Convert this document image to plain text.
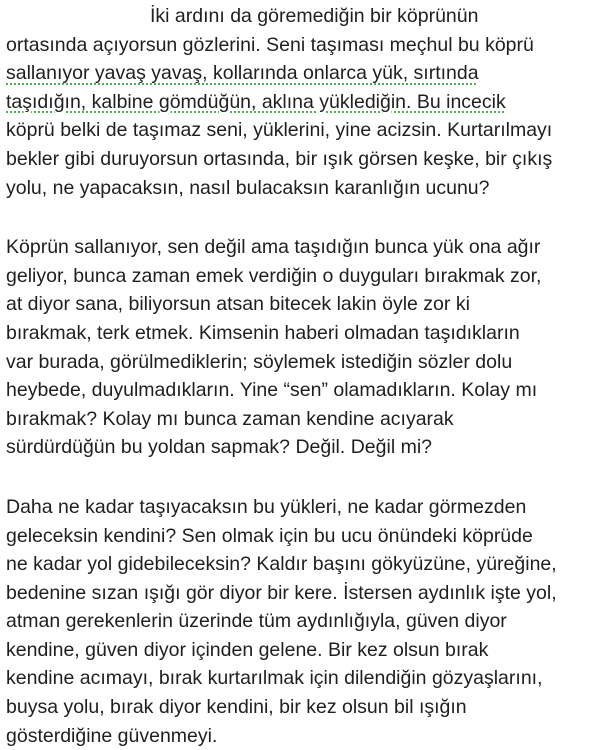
İki ardını da göremediğin bir köprünün
ortasında açıyorsun gözlerini. Seni taşıması meçhul bu köprü
sallanıyor yavaş yavaş, kollarında onlarca yük, sırtında
taşıdığın, kalbine gömdüğün, aklına yüklediğin. Bu incecik
köprü belki de taşımaz seni, yüklerini, yine acizsin. Kurtarılmayı
bekler gibi duruyorsun ortasında, bir ışık görsen keşke, bir çıkış
yolu, ne yapacaksın, nasıl bulacaksın karanlığın ucunu?
Köprün sallanıyor, sen değil ama taşıdığın bunca yük ona ağır
geliyor, bunca zaman emek verdiğin o duyguları bırakmak zor,
at diyor sana, biliyorsun atsan bitecek lakin öyle zor ki
bırakmak, terk etmek. Kimsenin haberi olmadan taşıdıkların
var burada, görülmediklerin; söylemek istediğin sözler dolu
heybede, duyulmadıkların. Yine “sen” olamadıkların. Kolay mı
bırakmak? Kolay mı bunca zaman kendine acıyarak
sürdürdüğün bu yoldan sapmak? Değil. Değil mi?
Daha ne kadar taşıyacaksın bu yükleri, ne kadar görmezden
geleceksin kendini? Sen olmak için bu ucu önündeki köprüde
ne kadar yol gidebileceksin? Kaldır başını gökyüzüne, yüreğine,
bedenine sızan ışığı gör diyor bir kere. İstersen aydınlık işte yol,
atman gerekenlerin üzerinde tüm aydınlığıyla, güven diyor
kendine, güven diyor içinden gelene. Bir kez olsun bırak
kendine acımayı, bırak kurtarılmak için dilendiğin gözyaşlarını,
buysa yolu, bırak diyor kendini, bir kez olsun bil ışığın
gösterdiğine güvenmeyi.
